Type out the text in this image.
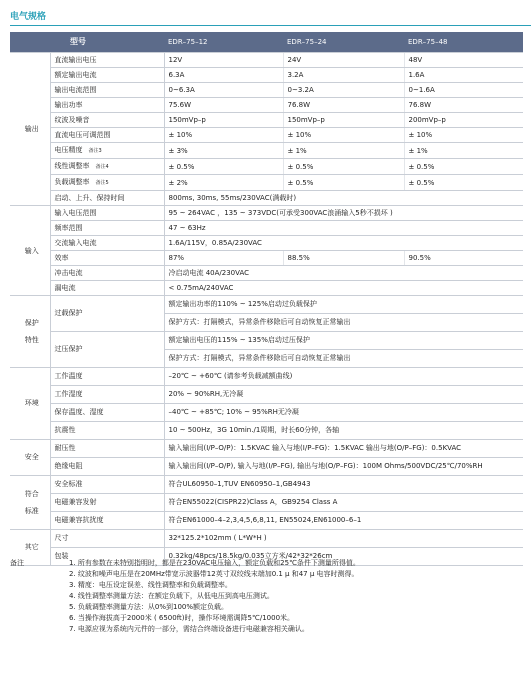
电气规格
	型号	EDR–75–12	EDR–75–24	EDR–75–48
输出	直流输出电压	12V	24V	48V
	额定输出电流	6.3A	3.2A	1.6A
	输出电流范围	0~6.3A	0~3.2A	0~1.6A
	输出功率	75.6W	76.8W	76.8W
	纹波及噪音	150mVp–p	150mVp–p	200mVp–p
	直流电压可调范围	± 10%	± 10%	± 10%
	电压精度 备注3	± 3%	± 1%	± 1%
	线性调整率 备注4	± 0.5%	± 0.5%	± 0.5%
	负载调整率 备注5	± 2%	± 0.5%	± 0.5%
	启动、上升、保持时间	800ms, 30ms, 55ms/230VAC(满载时)		
输入	输入电压范围	95 ~ 264VAC ，135 ~ 373VDC(可承受300VAC浪涌输入5秒不损坏 )		
	频率范围	47 ~ 63Hz		
	交流输入电流	1.6A/115V，0.85A/230VAC		
	效率	87%	88.5%	90.5%
	冲击电流	冷启动电流 40A/230VAC		
	漏电流	< 0.75mA/240VAC		
保护
特性	过载保护	额定输出功率的110% ~ 125%启动过负载保护		
		保护方式：打隔模式，异常条件移除后可自动恢复正常输出		
	过压保护	额定输出电压的115% ~ 135%启动过压保护		
		保护方式：打隔模式，异常条件移除后可自动恢复正常输出		
环境	工作温度	–20℃ ~ +60℃ (请参考负载减额曲线)		
	工作湿度	20% ~ 90%RH,无冷凝		
	保存温度、湿度	–40℃ ~ +85℃; 10% ~ 95%RH无冷凝		
	抗震性	10 ~ 500Hz，3G 10min./1周期，时长60分钟，各轴		
安全	耐压性	输入输出间(I/P–O/P)：1.5KVAC 输入与地(I/P–FG)：1.5KVAC 输出与地(O/P–FG)：0.5KVAC		
	绝缘电阻	输入输出间(I/P–O/P), 输入与地(I/P–FG), 输出与地(O/P–FG)：100M Ohms/500VDC/25℃/70%RH		
符合
标准	安全标准	符合UL60950–1,TUV EN60950–1,GB4943		
	电磁兼容发射	符合EN55022(CISPR22)Class A，GB9254 Class A		
	电磁兼容抗扰度	符合EN61000–4–2,3,4,5,6,8,11, EN55024,EN61000–6–1		
其它	尺寸	32*125.2*102mm ( L*W*H )		
	包装	0.32kg/48pcs/18.5kg/0.035立方米/42*32*26cm		
备注	1. 所有参数在未特别指明时，都是在230VAC电压输入，额定负载和25℃条件下测量所得值。
2. 纹波和噪声电压是在20MHz带宽示波器带12英寸双绞线末端加0.1 μ 和47 μ 电容时测得。
3. 精度：电压设定误差、线性调整率和负载调整率。
4. 线性调整率测量方法：在额定负载下，从低电压到高电压测试。
5. 负载调整率测量方法：从0%到100%额定负载。
6. 当操作海拔高于2000米 ( 6500ft)时，操作环境需调降5℃/1000米。
7. 电源应视为系统内元件的一部分，需结合终端设备进行电磁兼容相关确认。
